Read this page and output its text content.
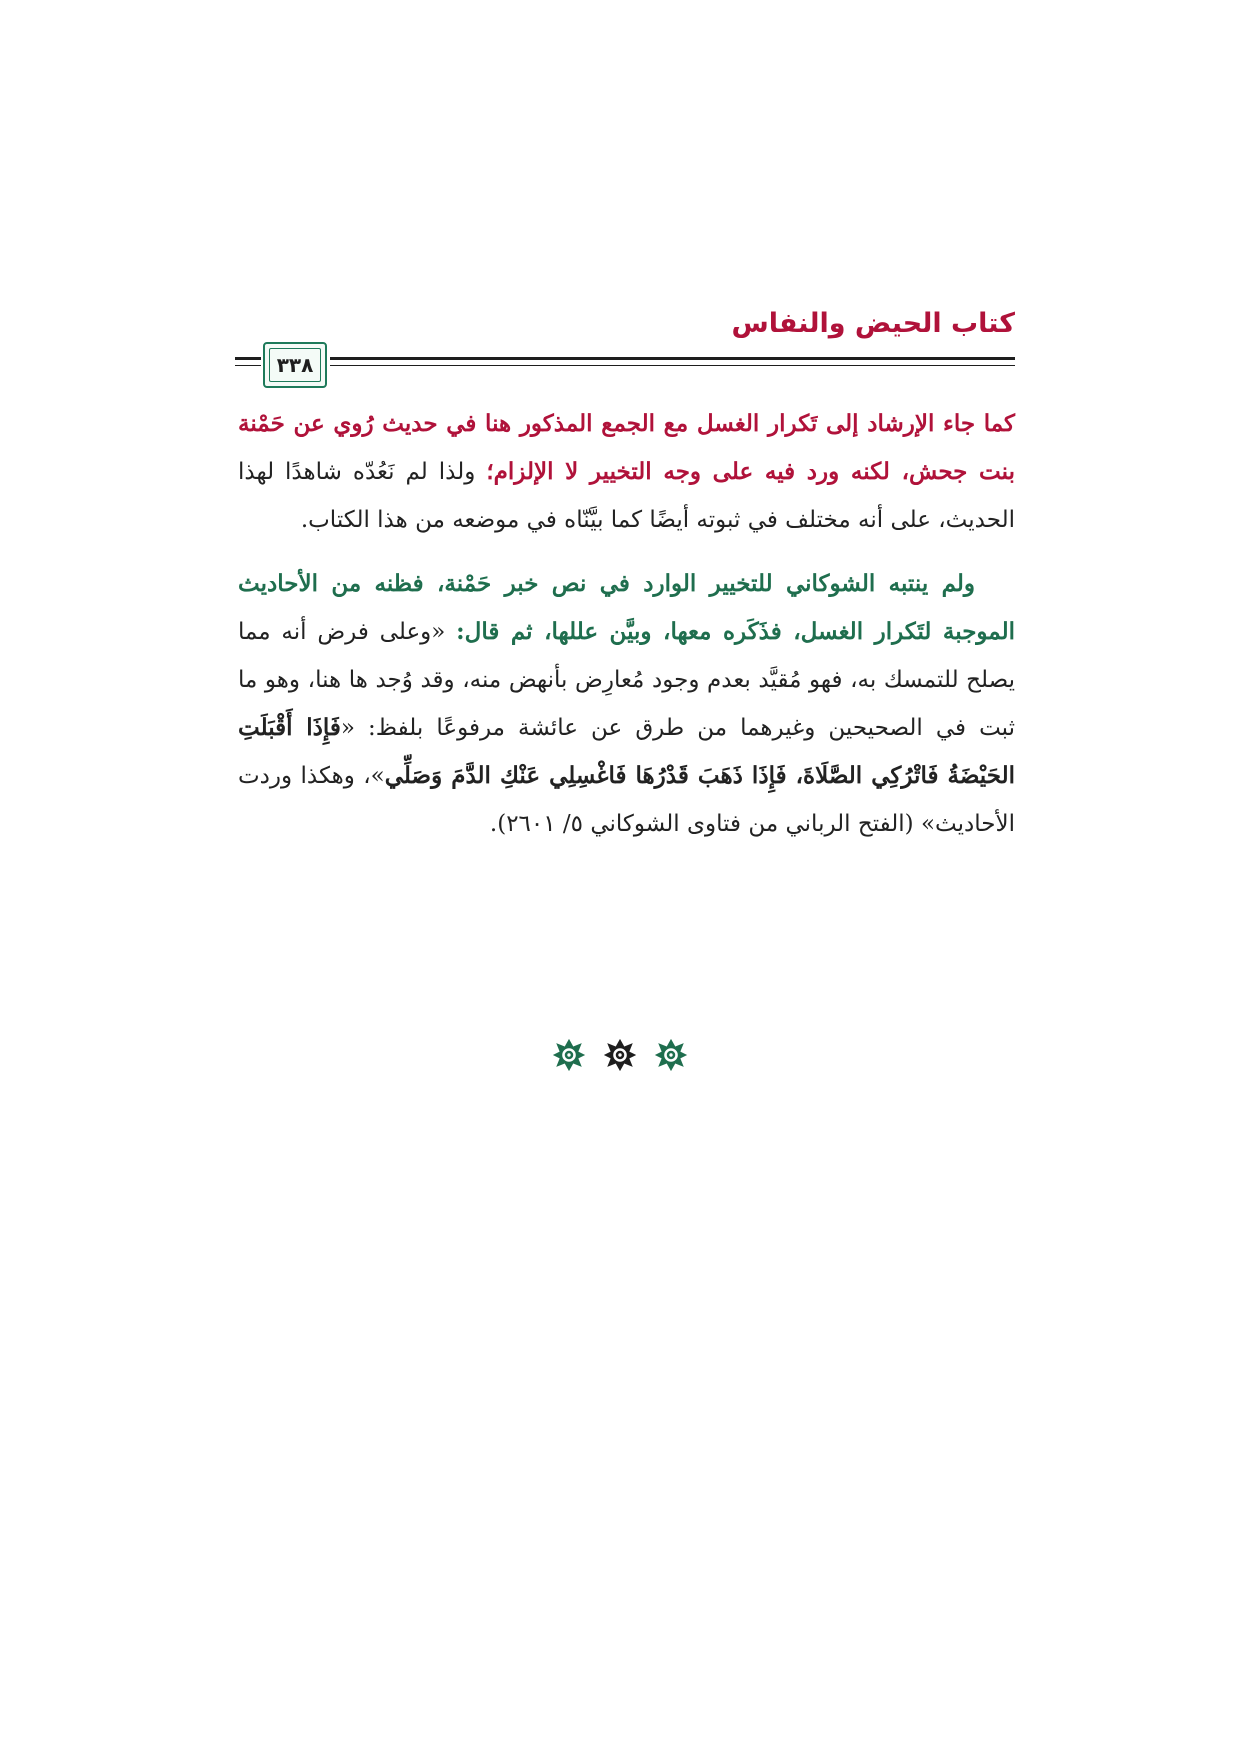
كتاب الحيض والنفاس
٣٣٨

كما جاء الإرشاد إلى تَكرار الغسل مع الجمع المذكور هنا في حديث رُوي عن حَمْنة بنت جحش، لكنه ورد فيه على وجه التخيير لا الإلزام؛ ولذا لم نَعُدّه شاهدًا لهذا الحديث، على أنه مختلف في ثبوته أيضًا كما بيَّنّاه في موضعه من هذا الكتاب.

ولم ينتبه الشوكاني للتخيير الوارد في نص خبر حَمْنة، فظنه من الأحاديث الموجبة لتَكرار الغسل، فذَكَره معها، وبيَّن عللها، ثم قال: «وعلى فرض أنه مما يصلح للتمسك به، فهو مُقيَّد بعدم وجود مُعارِض بأنهض منه، وقد وُجد ها هنا، وهو ما ثبت في الصحيحين وغيرهما من طرق عن عائشة مرفوعًا بلفظ: «فَإِذَا أَقْبَلَتِ الحَيْضَةُ فَاتْرُكِي الصَّلَاةَ، فَإِذَا ذَهَبَ قَدْرُهَا فَاغْسِلِي عَنْكِ الدَّمَ وَصَلِّي»، وهكذا وردت الأحاديث» (الفتح الرباني من فتاوى الشوكاني ٥/ ٢٦٠١).
